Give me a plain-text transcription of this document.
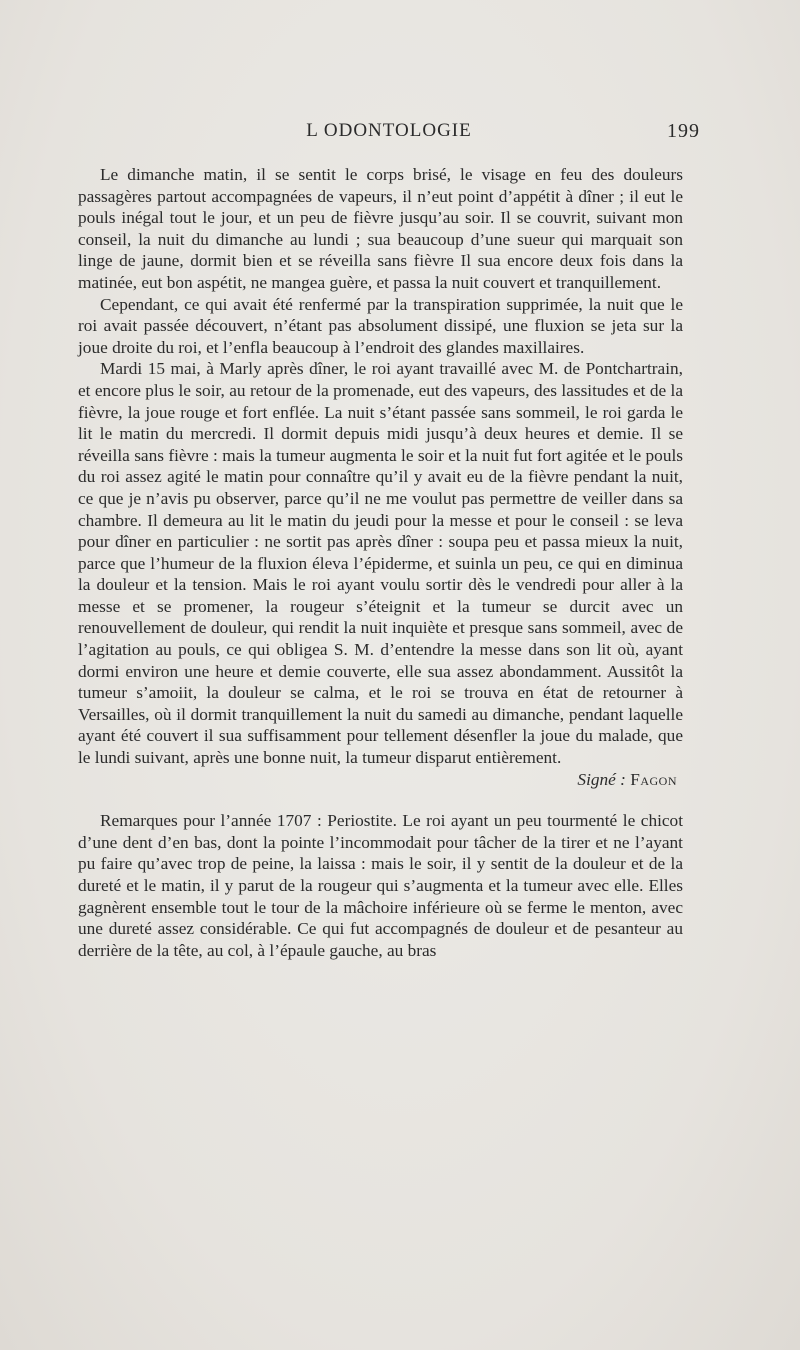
L ODONTOLOGIE	199

Le dimanche matin, il se sentit le corps brisé, le visage en feu des douleurs passagères partout accompagnées de vapeurs, il n’eut point d’appétit à dîner ; il eut le pouls inégal tout le jour, et un peu de fièvre jusqu’au soir. Il se couvrit, suivant mon conseil, la nuit du dimanche au lundi ; sua beaucoup d’une sueur qui marquait son linge de jaune, dormit bien et se réveilla sans fièvre Il sua encore deux fois dans la matinée, eut bon aspétit, ne mangea guère, et passa la nuit couvert et tranquillement.

Cependant, ce qui avait été renfermé par la transpiration supprimée, la nuit que le roi avait passée découvert, n’étant pas absolument dissipé, une fluxion se jeta sur la joue droite du roi, et l’enfla beaucoup à l’endroit des glandes maxillaires.

Mardi 15 mai, à Marly après dîner, le roi ayant travaillé avec M. de Pontchartrain, et encore plus le soir, au retour de la promenade, eut des vapeurs, des lassitudes et de la fièvre, la joue rouge et fort enflée. La nuit s’étant passée sans sommeil, le roi garda le lit le matin du mercredi. Il dormit depuis midi jusqu’à deux heures et demie. Il se réveilla sans fièvre : mais la tumeur augmenta le soir et la nuit fut fort agitée et le pouls du roi assez agité le matin pour connaître qu’il y avait eu de la fièvre pendant la nuit, ce que je n’avis pu observer, parce qu’il ne me voulut pas permettre de veiller dans sa chambre. Il demeura au lit le matin du jeudi pour la messe et pour le conseil : se leva pour dîner en particulier : ne sortit pas après dîner : soupa peu et passa mieux la nuit, parce que l’humeur de la fluxion éleva l’épiderme, et suinla un peu, ce qui en diminua la douleur et la tension. Mais le roi ayant voulu sortir dès le vendredi pour aller à la messe et se promener, la rougeur s’éteignit et la tumeur se durcit avec un renouvellement de douleur, qui rendit la nuit inquiète et presque sans sommeil, avec de l’agitation au pouls, ce qui obligea S. M. d’entendre la messe dans son lit où, ayant dormi environ une heure et demie couverte, elle sua assez abondamment. Aussitôt la tumeur s’amoiit, la douleur se calma, et le roi se trouva en état de retourner à Versailles, où il dormit tranquillement la nuit du samedi au dimanche, pendant laquelle ayant été couvert il sua suffisamment pour tellement désenfler la joue du malade, que le lundi suivant, après une bonne nuit, la tumeur disparut entièrement.

Signé : Fagon

Remarques pour l’année 1707 : Periostite. Le roi ayant un peu tourmenté le chicot d’une dent d’en bas, dont la pointe l’incommodait pour tâcher de la tirer et ne l’ayant pu faire qu’avec trop de peine, la laissa : mais le soir, il y sentit de la douleur et de la dureté et le matin, il y parut de la rougeur qui s’augmenta et la tumeur avec elle. Elles gagnèrent ensemble tout le tour de la mâchoire inférieure où se ferme le menton, avec une dureté assez considérable. Ce qui fut accompagnés de douleur et de pesanteur au derrière de la tête, au col, à l’épaule gauche, au bras
